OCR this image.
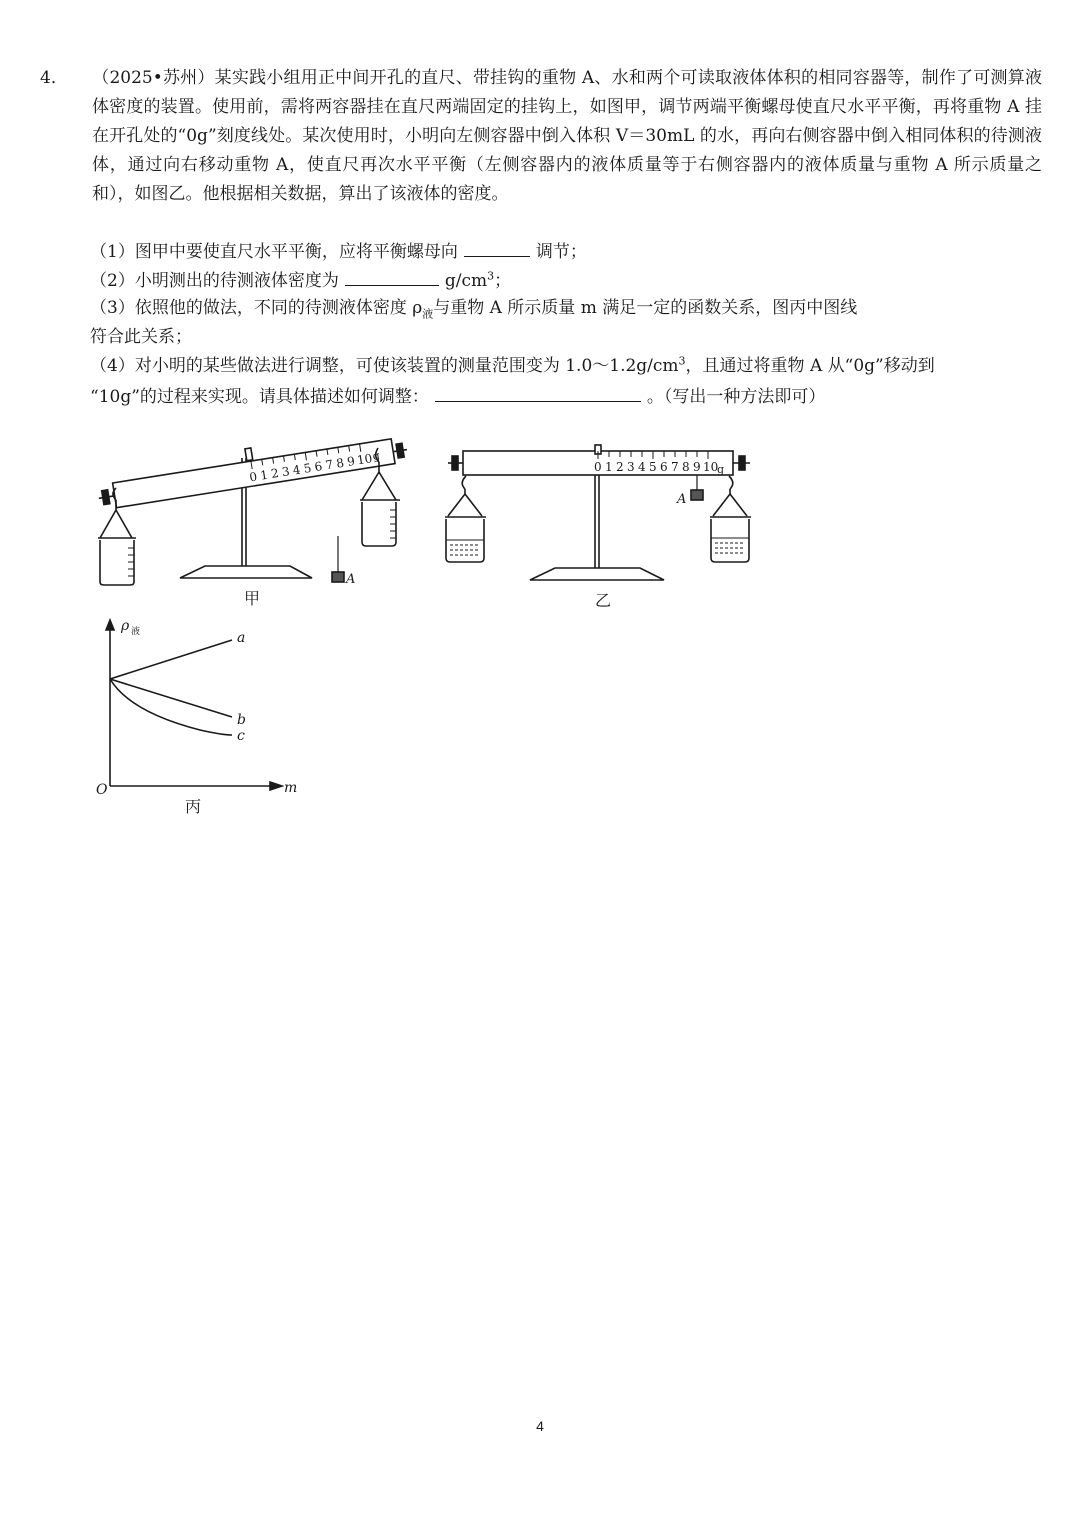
4． （2025•苏州）某实践小组用正中间开孔的直尺、带挂钩的重物 A、水和两个可读取液体体积的相同容器等，制作了可测算液体密度的装置。使用前，需将两容器挂在直尺两端固定的挂钩上，如图甲，调节两端平衡螺母使直尺水平平衡，再将重物 A 挂在开孔处的“0g”刻度线处。某次使用时，小明向左侧容器中倒入体积 V＝30mL 的水，再向右侧容器中倒入相同体积的待测液体，通过向右移动重物 A，使直尺再次水平平衡（左侧容器内的液体质量等于右侧容器内的液体质量与重物 A 所示质量之和），如图乙。他根据相关数据，算出了该液体的密度。
（1）图甲中要使直尺水平平衡，应将平衡螺母向	调节；
（2）小明测出的待测液体密度为	$g/cm^3$；
（3）依照他的做法，不同的待测液体密度 $\rho_液$与重物 A 所示质量 m 满足一定的函数关系，图丙中图线
符合此关系；
（4）对小明的某些做法进行调整，可使该装置的测量范围变为 $1.0\sim 1.2g/cm^3$，且通过将重物 A 从“0g”移动到
“10g”的过程来实现。请具体描述如何调整：	。（写出一种方法即可）
0 1 2 3 4 5 6 7 8 9 10
g
A
甲
0 1 2 3 4 5 6 7 8 9 10
g
A
乙
ρ 液
m
O
a
b
c
丙
4
